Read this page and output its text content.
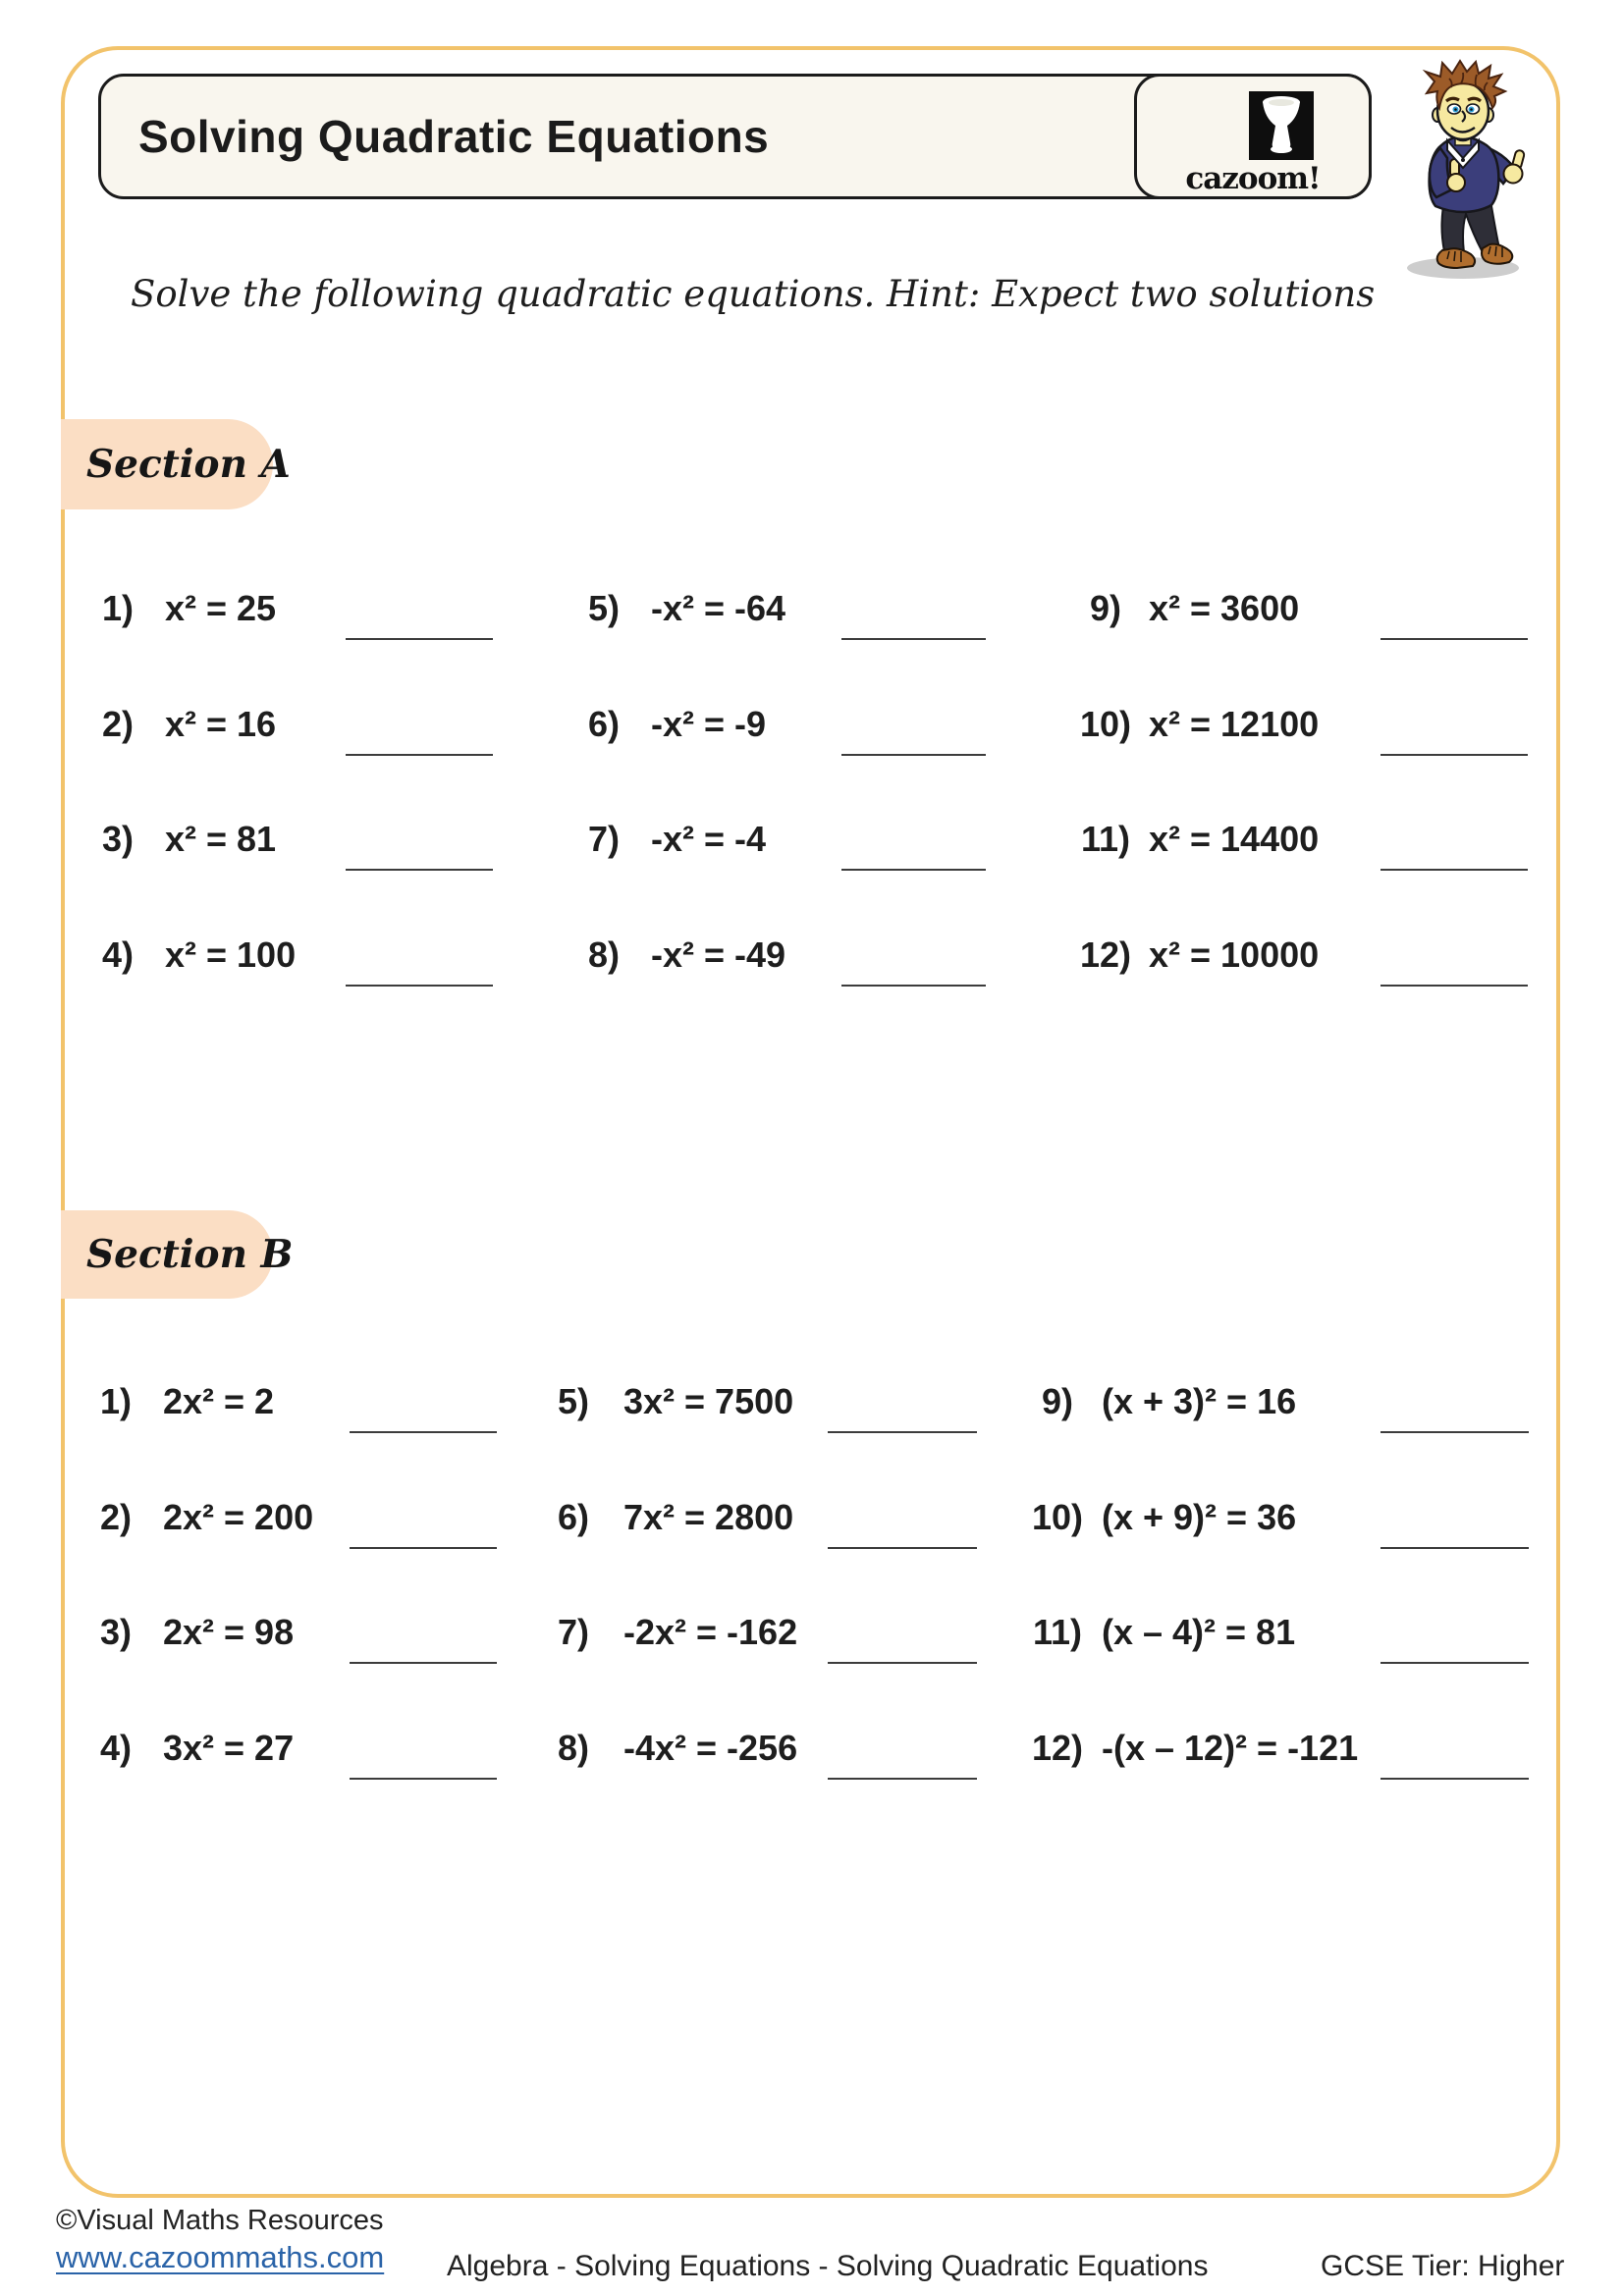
Solving Quadratic Equations
cazoom!

Solve the following quadratic equations. Hint: Expect two solutions

Section A
Section B
1) x² = 25
2) x² = 16
3) x² = 81
4) x² = 100
5) -x² = -64
6) -x² = -9
7) -x² = -4
8) -x² = -49
9) x² = 3600
10) x² = 12100
11) x² = 14400
12) x² = 10000
1) 2x² = 2
2) 2x² = 200
3) 2x² = 98
4) 3x² = 27
5) 3x² = 7500
6) 7x² = 2800
7) -2x² = -162
8) -4x² = -256
9) (x + 3)² = 16
10) (x + 9)² = 36
11) (x – 4)² = 81
12) -(x – 12)² = -121
©Visual Maths Resources
www.cazoommaths.com Algebra - Solving Equations - Solving Quadratic Equations	GCSE Tier: Higher
